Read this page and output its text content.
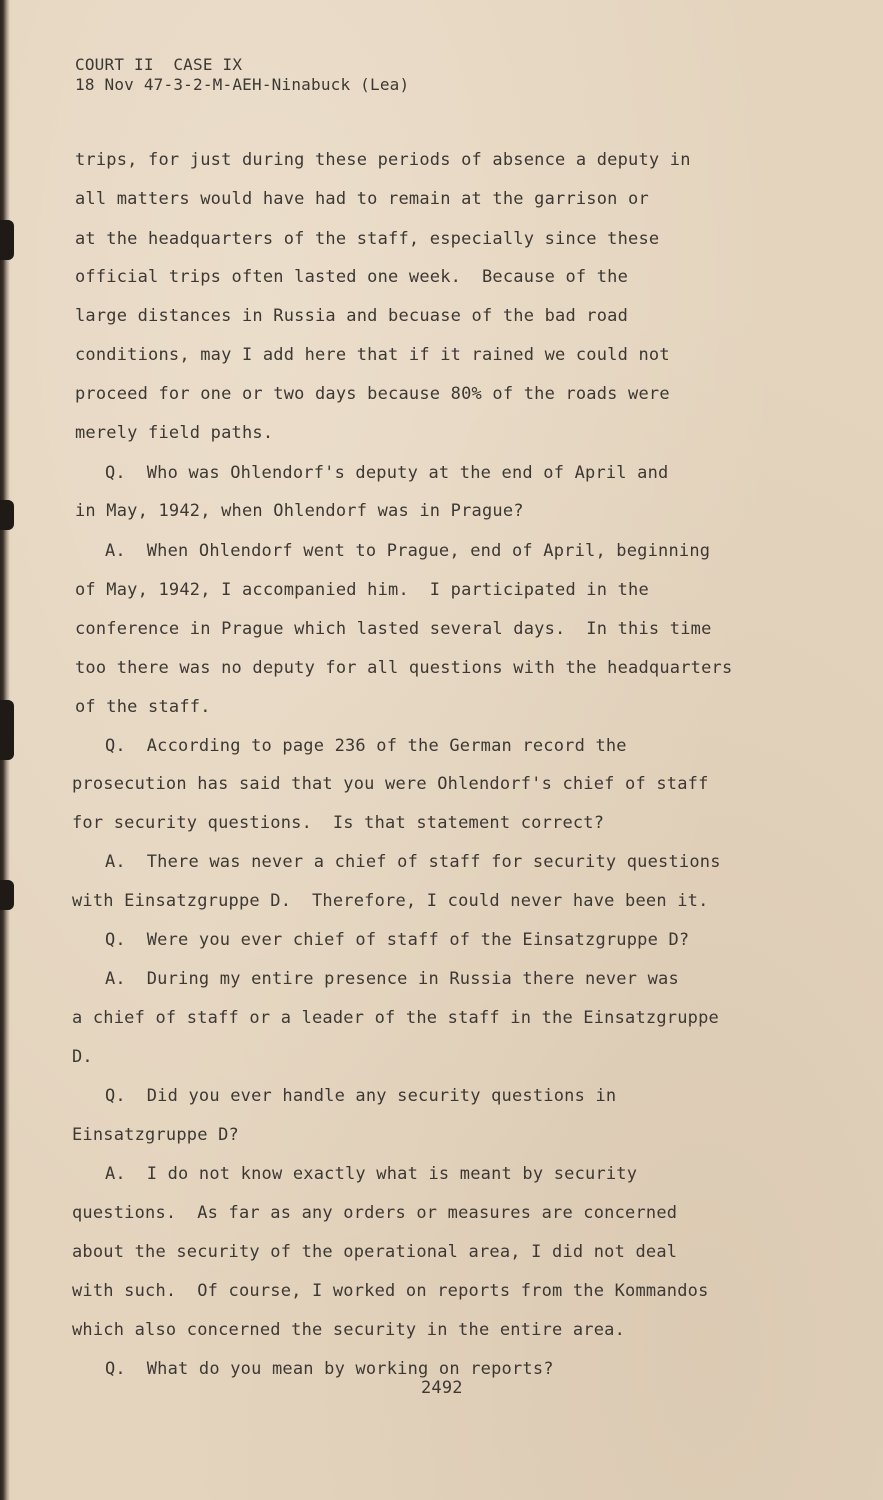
COURT II  CASE IX
18 Nov 47-3-2-M-AEH-Ninabuck (Lea)
trips, for just during these periods of absence a deputy in
all matters would have had to remain at the garrison or
at the headquarters of the staff, especially since these
official trips often lasted one week.  Because of the
large distances in Russia and becuase of the bad road
conditions, may I add here that if it rained we could not
proceed for one or two days because 80% of the roads were
merely field paths.
Q.  Who was Ohlendorf's deputy at the end of April and
in May, 1942, when Ohlendorf was in Prague?
A.  When Ohlendorf went to Prague, end of April, beginning
of May, 1942, I accompanied him.  I participated in the
conference in Prague which lasted several days.  In this time
too there was no deputy for all questions with the headquarters
of the staff.
Q.  According to page 236 of the German record the
prosecution has said that you were Ohlendorf's chief of staff
for security questions.  Is that statement correct?
A.  There was never a chief of staff for security questions
with Einsatzgruppe D.  Therefore, I could never have been it.
Q.  Were you ever chief of staff of the Einsatzgruppe D?
A.  During my entire presence in Russia there never was
a chief of staff or a leader of the staff in the Einsatzgruppe
D.
Q.  Did you ever handle any security questions in
Einsatzgruppe D?
A.  I do not know exactly what is meant by security
questions.  As far as any orders or measures are concerned
about the security of the operational area, I did not deal
with such.  Of course, I worked on reports from the Kommandos
which also concerned the security in the entire area.
Q.  What do you mean by working on reports?
2492
